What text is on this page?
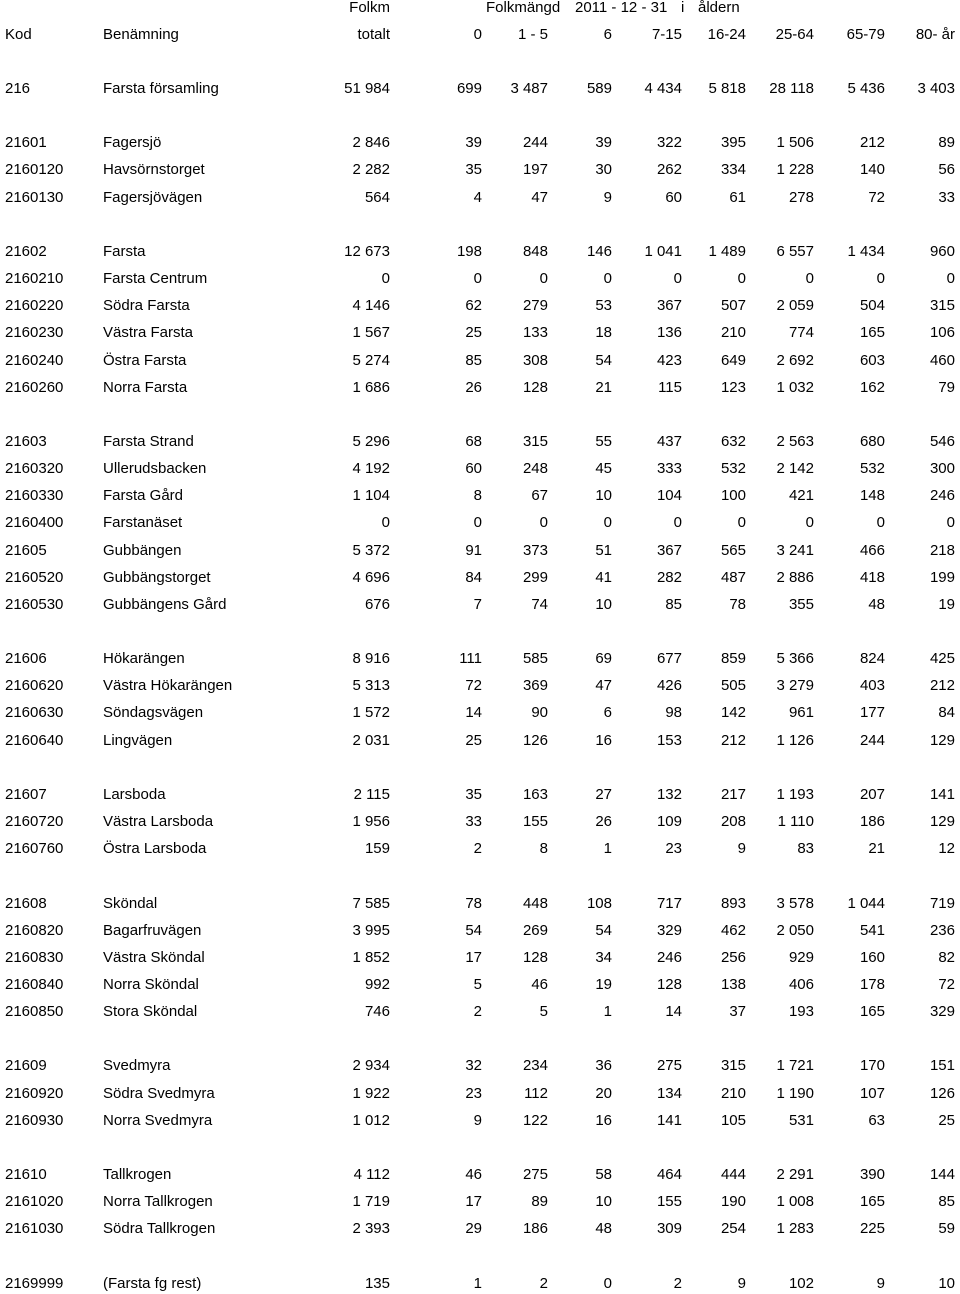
Folkm	Folkmängd 2011 - 12 - 31 i åldern
Kod	Benämning	totalt	0	1 - 5	6	7-15	16-24	25-64	65-79	80- år
216	Farsta församling	51 984	699	3 487	589	4 434	5 818	28 118	5 436	3 403
21601	Fagersjö	2 846	39	244	39	322	395	1 506	212	89
2160120	Havsörnstorget	2 282	35	197	30	262	334	1 228	140	56
2160130	Fagersjövägen	564	4	47	9	60	61	278	72	33
21602	Farsta	12 673	198	848	146	1 041	1 489	6 557	1 434	960
2160210	Farsta Centrum	0	0	0	0	0	0	0	0	0
2160220	Södra Farsta	4 146	62	279	53	367	507	2 059	504	315
2160230	Västra Farsta	1 567	25	133	18	136	210	774	165	106
2160240	Östra Farsta	5 274	85	308	54	423	649	2 692	603	460
2160260	Norra Farsta	1 686	26	128	21	115	123	1 032	162	79
21603	Farsta Strand	5 296	68	315	55	437	632	2 563	680	546
2160320	Ullerudsbacken	4 192	60	248	45	333	532	2 142	532	300
2160330	Farsta Gård	1 104	8	67	10	104	100	421	148	246
2160400	Farstanäset	0	0	0	0	0	0	0	0	0
21605	Gubbängen	5 372	91	373	51	367	565	3 241	466	218
2160520	Gubbängstorget	4 696	84	299	41	282	487	2 886	418	199
2160530	Gubbängens Gård	676	7	74	10	85	78	355	48	19
21606	Hökarängen	8 916	111	585	69	677	859	5 366	824	425
2160620	Västra Hökarängen	5 313	72	369	47	426	505	3 279	403	212
2160630	Söndagsvägen	1 572	14	90	6	98	142	961	177	84
2160640	Lingvägen	2 031	25	126	16	153	212	1 126	244	129
21607	Larsboda	2 115	35	163	27	132	217	1 193	207	141
2160720	Västra Larsboda	1 956	33	155	26	109	208	1 110	186	129
2160760	Östra Larsboda	159	2	8	1	23	9	83	21	12
21608	Sköndal	7 585	78	448	108	717	893	3 578	1 044	719
2160820	Bagarfruvägen	3 995	54	269	54	329	462	2 050	541	236
2160830	Västra Sköndal	1 852	17	128	34	246	256	929	160	82
2160840	Norra Sköndal	992	5	46	19	128	138	406	178	72
2160850	Stora Sköndal	746	2	5	1	14	37	193	165	329
21609	Svedmyra	2 934	32	234	36	275	315	1 721	170	151
2160920	Södra Svedmyra	1 922	23	112	20	134	210	1 190	107	126
2160930	Norra Svedmyra	1 012	9	122	16	141	105	531	63	25
21610	Tallkrogen	4 112	46	275	58	464	444	2 291	390	144
2161020	Norra Tallkrogen	1 719	17	89	10	155	190	1 008	165	85
2161030	Södra Tallkrogen	2 393	29	186	48	309	254	1 283	225	59
2169999	(Farsta fg rest)	135	1	2	0	2	9	102	9	10
